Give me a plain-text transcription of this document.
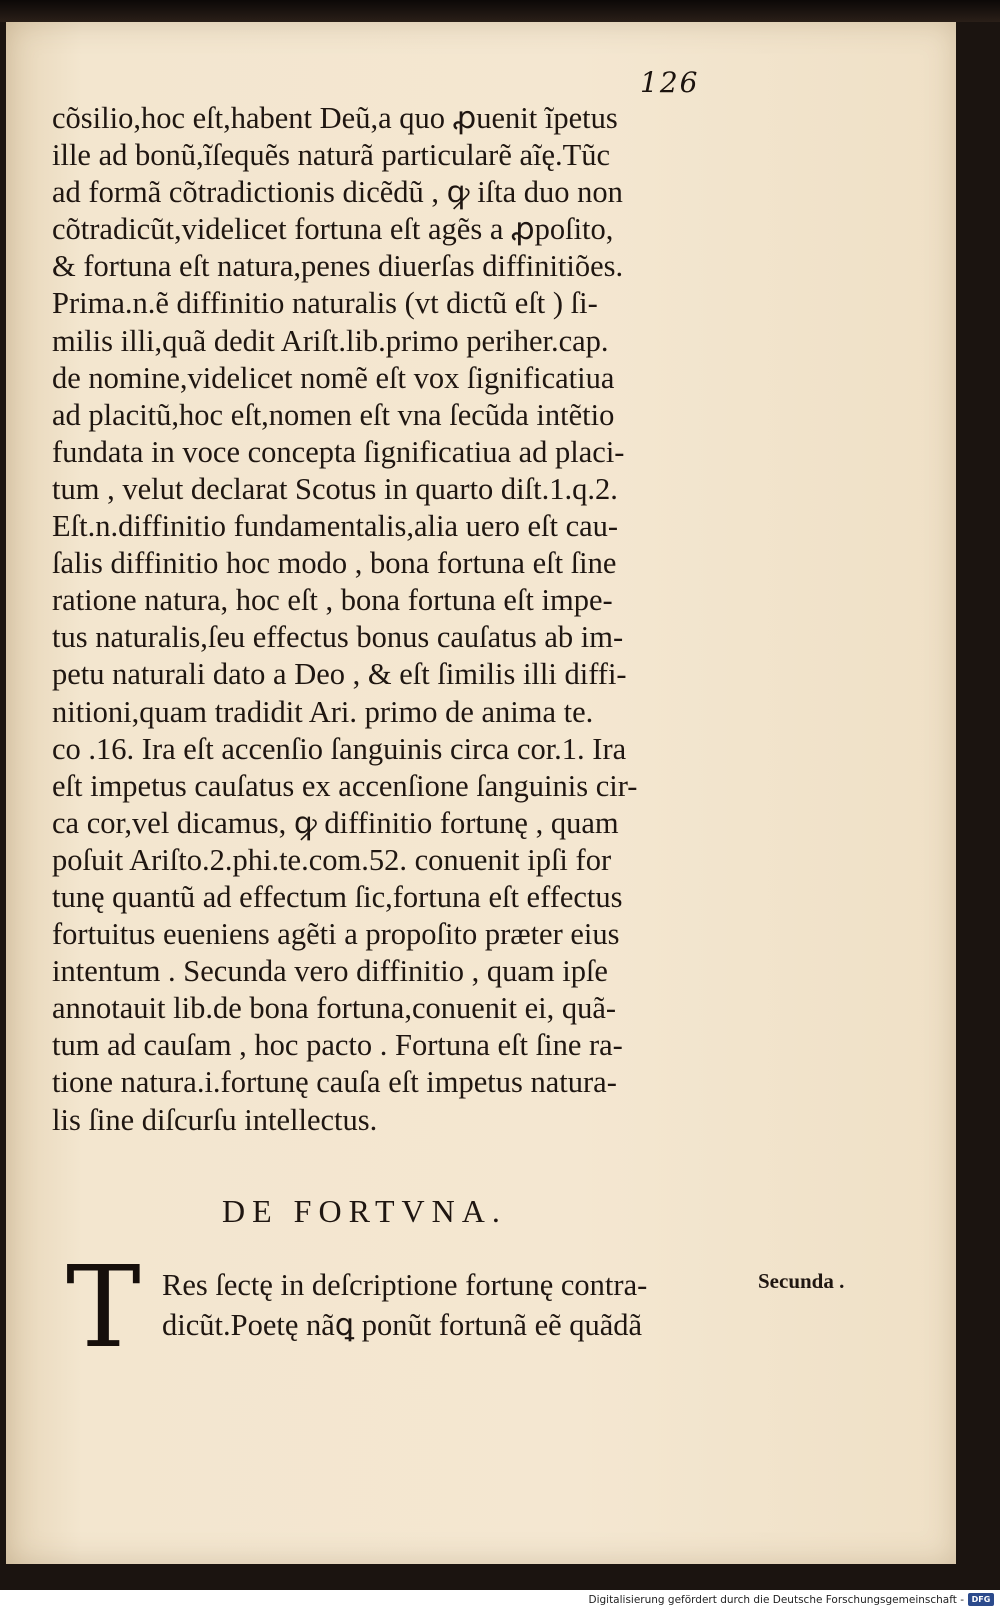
126
cõsilio,hoc eſt,habent Deũ,a quo ꝓuenit ĩpetus
ille ad bonũ,ĩſequẽs naturã particularẽ aĩę.Tũc
ad formã cõtradictionis dicẽdũ , ꝙ iſta duo non
cõtradicũt,videlicet fortuna eſt agẽs a ꝓpoſito,
& fortuna eſt natura,penes diuerſas diffinitiões.
Prima.n.ẽ diffinitio naturalis (vt dictũ eſt ) ſi-
milis illi,quã dedit Ariſt.lib.primo periher.cap.
de nomine,videlicet nomẽ eſt vox ſignificatiua
ad placitũ,hoc eſt,nomen eſt vna ſecũda intẽtio
fundata in voce concepta ſignificatiua ad placi-
tum , velut declarat Scotus in quarto diſt.1.q.2.
Eſt.n.diffinitio fundamentalis,alia uero eſt cau-
ſalis diffinitio hoc modo , bona fortuna eſt ſine
ratione natura, hoc eſt , bona fortuna eſt impe-
tus naturalis,ſeu effectus bonus cauſatus ab im-
petu naturali dato a Deo , & eſt ſimilis illi diffi-
nitioni,quam tradidit Ari. primo de anima te.
co .16. Ira eſt accenſio ſanguinis circa cor.1. Ira
eſt impetus cauſatus ex accenſione ſanguinis cir-
ca cor,vel dicamus, ꝙ diffinitio fortunę , quam
poſuit Ariſto.2.phi.te.com.52. conuenit ipſi for
tunę quantũ ad effectum ſic,fortuna eſt effectus
fortuitus eueniens agẽti a propoſito præter eius
intentum . Secunda vero diffinitio , quam ipſe
annotauit lib.de bona fortuna,conuenit ei, quã-
tum ad cauſam , hoc pacto . Fortuna eſt ſine ra-
tione natura.i.fortunę cauſa eſt impetus natura-
lis ſine diſcurſu intellectus.
DE FORTVNA.
T Res ſectę in deſcriptione fortunę contra-
dicũt.Poetę nãꝗ ponũt fortunã eẽ quãdã
Secunda .
Digitalisierung gefördert durch die Deutsche Forschungsgemeinschaft - DFG
